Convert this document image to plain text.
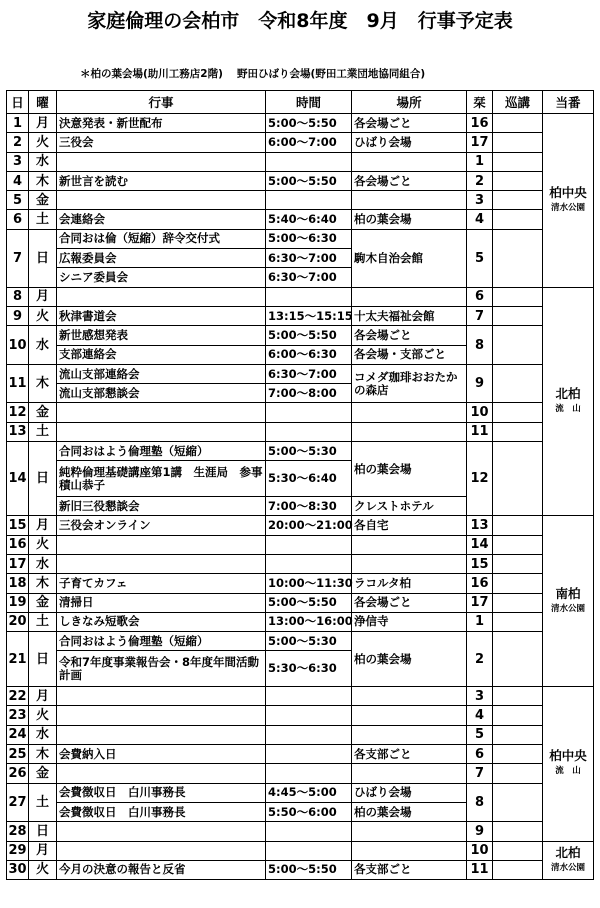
家庭倫理の会柏市　令和8年度　9月　行事予定表
＊柏の葉会場(助川工務店2階)　 野田ひばり会場(野田工業団地協同組合)
日	曜	行事	時間	場所	栞	巡講	当番
1	月	決意発表・新世配布	5:00〜5:50	各会場ごと	16		柏中央
清水公園

2	火	三役会	6:00〜7:00	ひばり会場	17		
3	水				1		
4	木	新世言を読む	5:00〜5:50	各会場ごと	2		
5	金				3		
6	土	会連絡会	5:40〜6:40	柏の葉会場	4		
7	日	合同おは倫（短縮）辞令交付式	5:00〜6:30	駒木自治会館	5		
		広報委員会	6:30〜7:00				
		シニア委員会	6:30〜7:00				
8	月				6		北柏
流　山

9	火	秋津書道会	13:15〜15:15	十太夫福祉会館	7		
10	水	新世感想発表	5:00〜5:50	各会場ごと	8		
		支部連絡会	6:00〜6:30	各会場・支部ごと			
11	木	流山支部連絡会	6:30〜7:00	コメダ珈琲おおたかの森店	9		
		流山支部懇談会	7:00〜8:00				
12	金				10		
13	土				11		
14	日	合同おはよう倫理塾（短縮）	5:00〜5:30	柏の葉会場	12		
		純粋倫理基礎講座第1講　生涯局　参事　積山恭子	5:30〜6:40				
		新旧三役懇談会	7:00〜8:30	クレストホテル			
15	月	三役会オンライン	20:00〜21:00	各自宅	13		南柏
清水公園

16	火				14		
17	水				15		
18	木	子育てカフェ	10:00〜11:30	ラコルタ柏	16		
19	金	清掃日	5:00〜5:50	各会場ごと	17		
20	土	しきなみ短歌会	13:00〜16:00	浄信寺	1		
21	日	合同おはよう倫理塾（短縮）	5:00〜5:30	柏の葉会場	2		
		令和7年度事業報告会・8年度年間活動計画	5:30〜6:30				
22	月				3		柏中央
流　山

23	火				4		
24	水				5		
25	木	会費納入日		各支部ごと	6		
26	金				7		
27	土	会費徴収日　白川事務長	4:45〜5:00	ひばり会場	8		
		会費徴収日　白川事務長	5:50〜6:00	柏の葉会場			
28	日				9		
29	月				10		北柏
清水公園

30	火	今月の決意の報告と反省	5:00〜5:50	各支部ごと	11		
